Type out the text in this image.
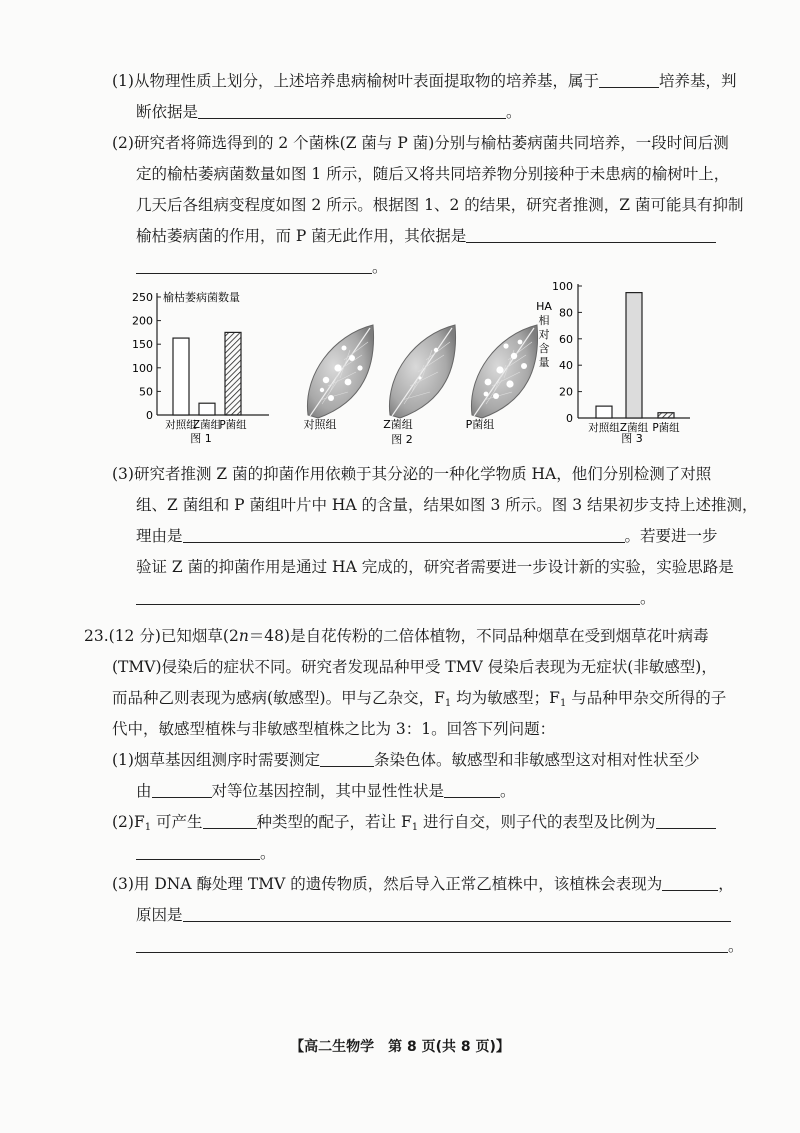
(1)从物理性质上划分，上述培养患病榆树叶表面提取物的培养基，属于	培养基，判
断依据是	。
(2)研究者将筛选得到的 2 个菌株(Z 菌与 P 菌)分别与榆枯萎病菌共同培养，一段时间后测
定的榆枯萎病菌数量如图 1 所示，随后又将共同培养物分别接种于未患病的榆树叶上，
几天后各组病变程度如图 2 所示。根据图 1、2 的结果，研究者推测，Z 菌可能具有抑制
榆枯萎病菌的作用，而 P 菌无此作用，其依据是
。
0
50
100
150
200
250 榆枯萎病菌数量
对照组
Z菌组
P菌组
图 1
对照组	Z菌组	P菌组
图 2
HA
相
对
含
量
0
20
40
60
80
100
对照组 Z菌组 P菌组
图 3
(3)研究者推测 Z 菌的抑菌作用依赖于其分泌的一种化学物质 HA，他们分别检测了对照
组、Z 菌组和 P 菌组叶片中 HA 的含量，结果如图 3 所示。图 3 结果初步支持上述推测，
理由是	。若要进一步
验证 Z 菌的抑菌作用是通过 HA 完成的，研究者需要进一步设计新的实验，实验思路是
。
23.(12 分)已知烟草(2n＝48)是自花传粉的二倍体植物，不同品种烟草在受到烟草花叶病毒
(TMV)侵染后的症状不同。研究者发现品种甲受 TMV 侵染后表现为无症状(非敏感型)，
而品种乙则表现为感病(敏感型)。甲与乙杂交，$F_1$ 均为敏感型；$F_1$ 与品种甲杂交所得的子
代中，敏感型植株与非敏感型植株之比为 3：1。回答下列问题：
(1)烟草基因组测序时需要测定	条染色体。敏感型和非敏感型这对相对性状至少
由	对等位基因控制，其中显性性状是	。
$(2)F_1$ 可产生	种类型的配子，若让 $F_1$ 进行自交，则子代的表型及比例为
。
(3)用 DNA 酶处理 TMV 的遗传物质，然后导入正常乙植株中，该植株会表现为	，
原因是
。
【高二生物学　第 8 页(共 8 页)】
